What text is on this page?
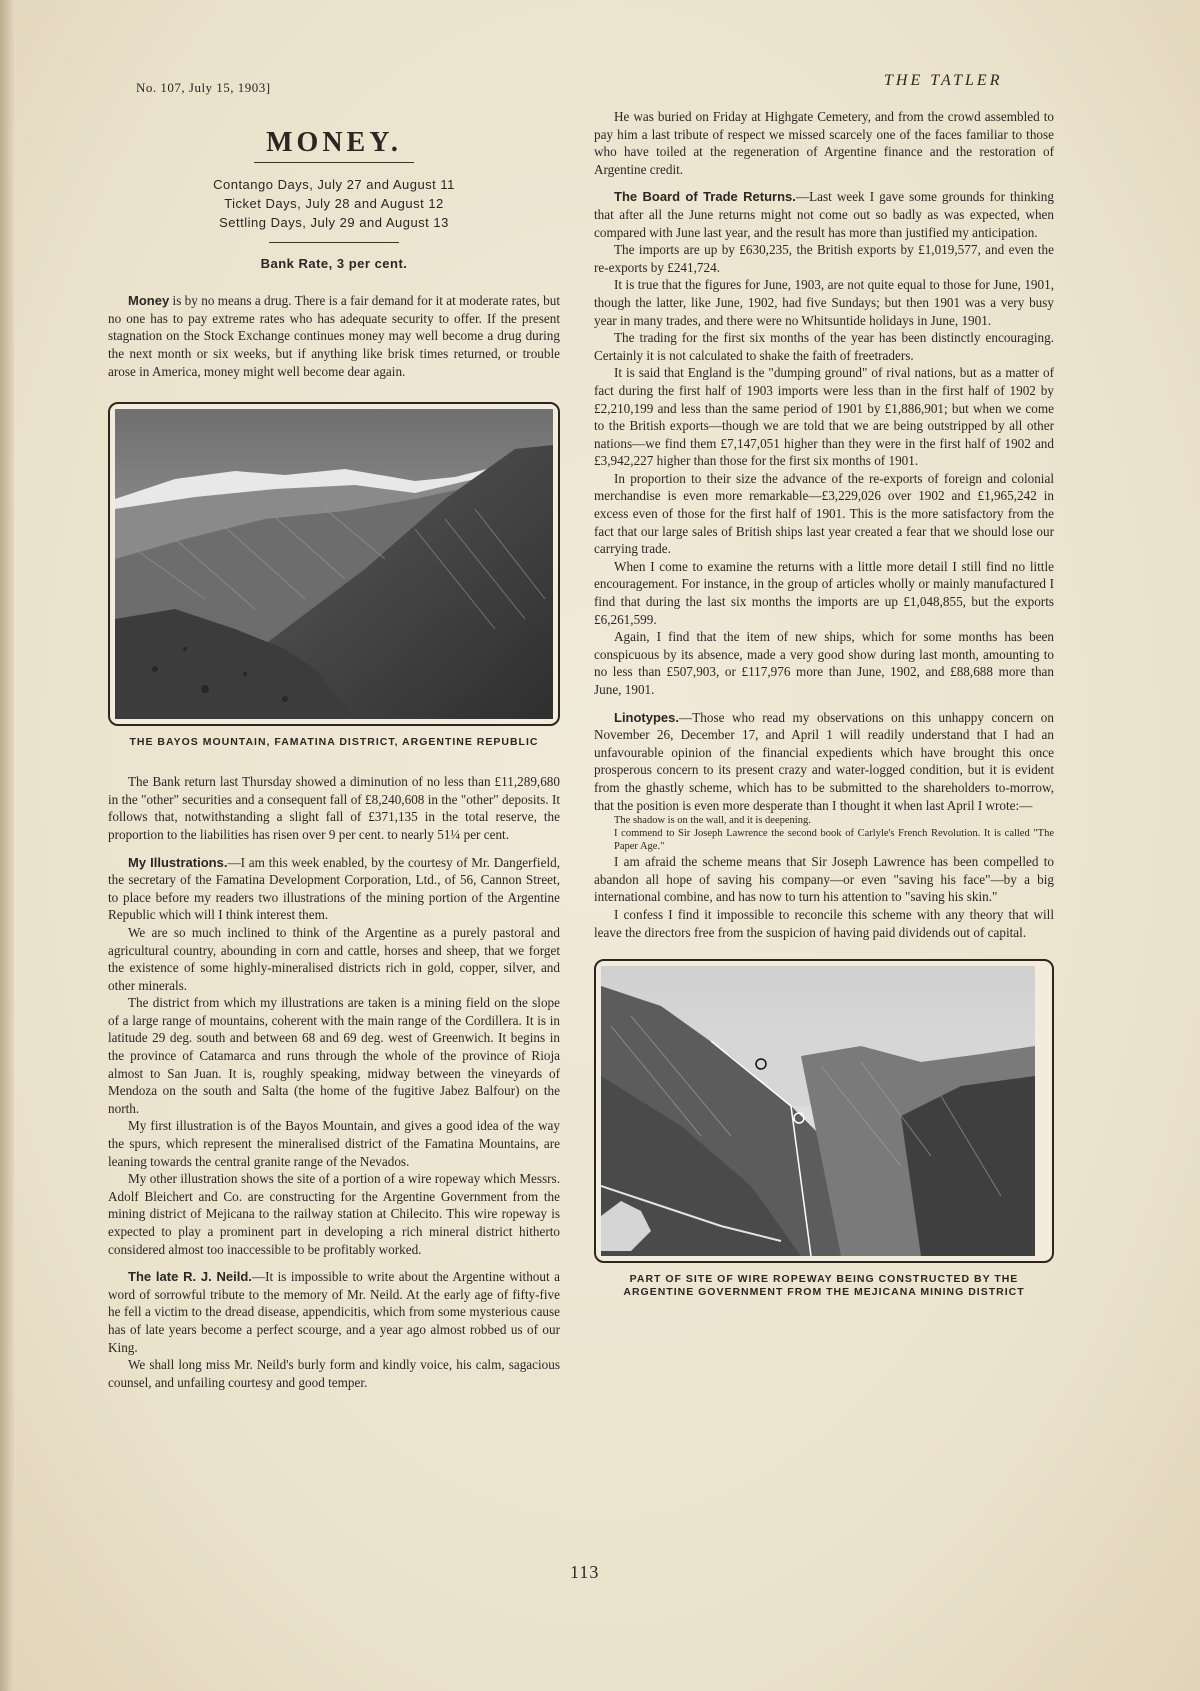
No. 107, July 15, 1903]	THE TATLER
MONEY.
Contango Days, July 27 and August 11
Ticket Days, July 28 and August 12
Settling Days, July 29 and August 13
Bank Rate, 3 per cent.

Money is by no means a drug. There is a fair demand for it at moderate rates, but no one has to pay extreme rates who has adequate security to offer. If the present stagnation on the Stock Exchange continues money may well become a drug during the next month or six weeks, but if anything like brisk times returned, or trouble arose in America, money might well become dear again.

THE BAYOS MOUNTAIN, FAMATINA DISTRICT, ARGENTINE REPUBLIC

The Bank return last Thursday showed a diminution of no less than £11,289,680 in the "other" securities and a consequent fall of £8,240,608 in the "other" deposits. It follows that, notwithstanding a slight fall of £371,135 in the total reserve, the proportion to the liabilities has risen over 9 per cent. to nearly 51¼ per cent.

My Illustrations.—I am this week enabled, by the courtesy of Mr. Dangerfield, the secretary of the Famatina Development Corporation, Ltd., of 56, Cannon Street, to place before my readers two illustrations of the mining portion of the Argentine Republic which will I think interest them.

We are so much inclined to think of the Argentine as a purely pastoral and agricultural country, abounding in corn and cattle, horses and sheep, that we forget the existence of some highly-mineralised districts rich in gold, copper, silver, and other minerals.

The district from which my illustrations are taken is a mining field on the slope of a large range of mountains, coherent with the main range of the Cordillera. It is in latitude 29 deg. south and between 68 and 69 deg. west of Greenwich. It begins in the province of Catamarca and runs through the whole of the province of Rioja almost to San Juan. It is, roughly speaking, midway between the vineyards of Mendoza on the south and Salta (the home of the fugitive Jabez Balfour) on the north.

My first illustration is of the Bayos Mountain, and gives a good idea of the way the spurs, which represent the mineralised district of the Famatina Mountains, are leaning towards the central granite range of the Nevados.

My other illustration shows the site of a portion of a wire ropeway which Messrs. Adolf Bleichert and Co. are constructing for the Argentine Government from the mining district of Mejicana to the railway station at Chilecito. This wire ropeway is expected to play a prominent part in developing a rich mineral district hitherto considered almost too inaccessible to be profitably worked.

The late R. J. Neild.—It is impossible to write about the Argentine without a word of sorrowful tribute to the memory of Mr. Neild. At the early age of fifty-five he fell a victim to the dread disease, appendicitis, which from some mysterious cause has of late years become a perfect scourge, and a year ago almost robbed us of our King.

We shall long miss Mr. Neild's burly form and kindly voice, his calm, sagacious counsel, and unfailing courtesy and good temper.

He was buried on Friday at Highgate Cemetery, and from the crowd assembled to pay him a last tribute of respect we missed scarcely one of the faces familiar to those who have toiled at the regeneration of Argentine finance and the restoration of Argentine credit.

The Board of Trade Returns.—Last week I gave some grounds for thinking that after all the June returns might not come out so badly as was expected, when compared with June last year, and the result has more than justified my anticipation.

The imports are up by £630,235, the British exports by £1,019,577, and even the re-exports by £241,724.

It is true that the figures for June, 1903, are not quite equal to those for June, 1901, though the latter, like June, 1902, had five Sundays; but then 1901 was a very busy year in many trades, and there were no Whitsuntide holidays in June, 1901.

The trading for the first six months of the year has been distinctly encouraging. Certainly it is not calculated to shake the faith of freetraders.

It is said that England is the "dumping ground" of rival nations, but as a matter of fact during the first half of 1903 imports were less than in the first half of 1902 by £2,210,199 and less than the same period of 1901 by £1,886,901; but when we come to the British exports—though we are told that we are being outstripped by all other nations—we find them £7,147,051 higher than they were in the first half of 1902 and £3,942,227 higher than those for the first six months of 1901.

In proportion to their size the advance of the re-exports of foreign and colonial merchandise is even more remarkable—£3,229,026 over 1902 and £1,965,242 in excess even of those for the first half of 1901. This is the more satisfactory from the fact that our large sales of British ships last year created a fear that we should lose our carrying trade.

When I come to examine the returns with a little more detail I still find no little encouragement. For instance, in the group of articles wholly or mainly manufactured I find that during the last six months the imports are up £1,048,855, but the exports £6,261,599.

Again, I find that the item of new ships, which for some months has been conspicuous by its absence, made a very good show during last month, amounting to no less than £507,903, or £117,976 more than June, 1902, and £88,688 more than June, 1901.

Linotypes.—Those who read my observations on this unhappy concern on November 26, December 17, and April 1 will readily understand that I had an unfavourable opinion of the financial expedients which have brought this once prosperous concern to its present crazy and water-logged condition, but it is evident from the ghastly scheme, which has to be submitted to the shareholders to-morrow, that the position is even more desperate than I thought it when last April I wrote:—

The shadow is on the wall, and it is deepening.

I commend to Sir Joseph Lawrence the second book of Carlyle's French Revolution. It is called "The Paper Age."

I am afraid the scheme means that Sir Joseph Lawrence has been compelled to abandon all hope of saving his company—or even "saving his face"—by a big international combine, and has now to turn his attention to "saving his skin."

I confess I find it impossible to reconcile this scheme with any theory that will leave the directors free from the suspicion of having paid dividends out of capital.

PART OF SITE OF WIRE ROPEWAY BEING CONSTRUCTED BY THE ARGENTINE GOVERNMENT FROM THE MEJICANA MINING DISTRICT
113
